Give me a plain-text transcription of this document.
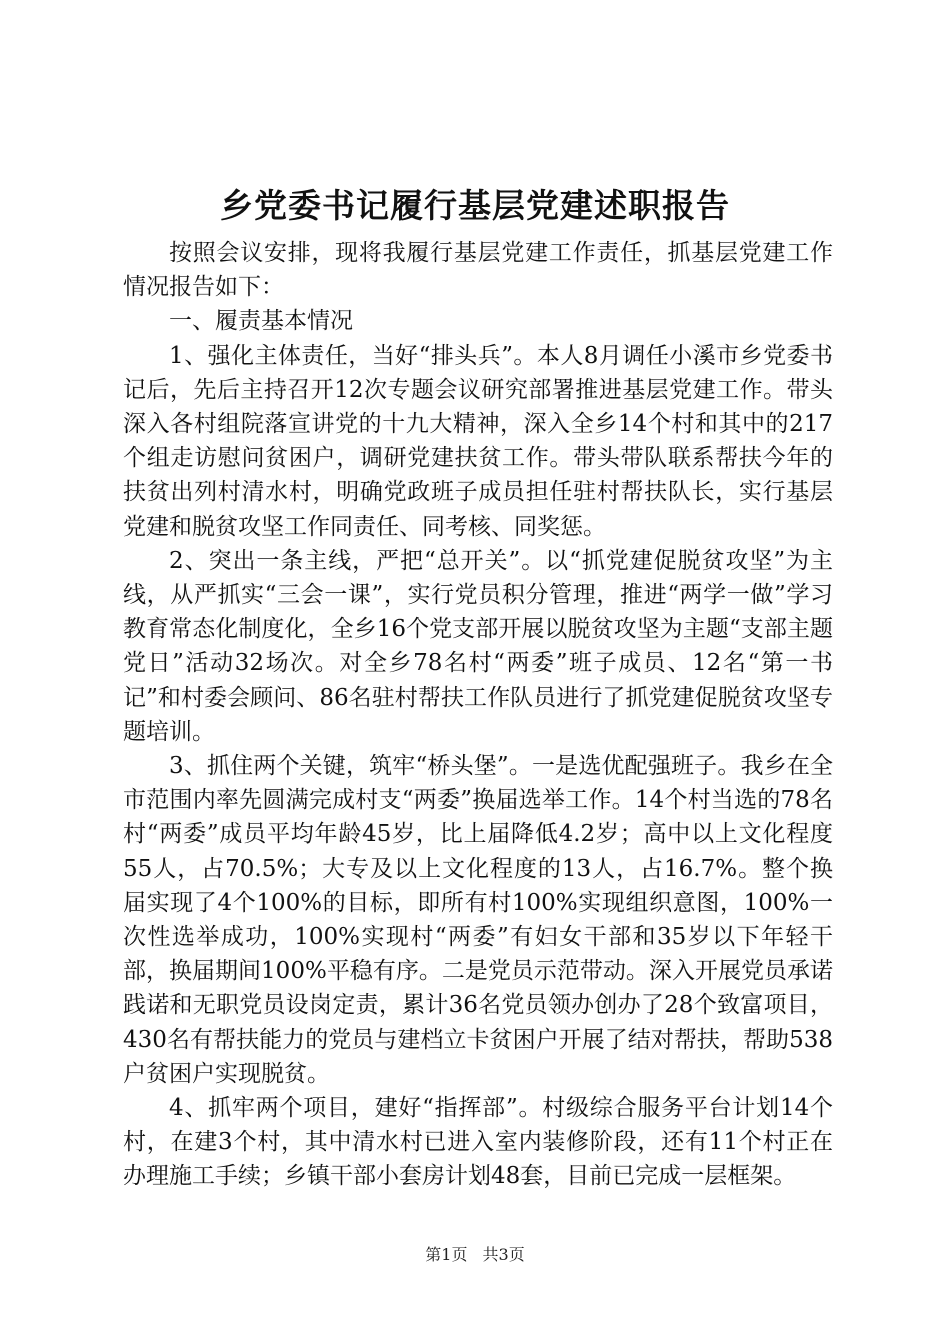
乡党委书记履行基层党建述职报告

按照会议安排，现将我履行基层党建工作责任，抓基层党建工作情况报告如下：

一、履责基本情况

1、强化主体责任，当好“排头兵”。本人8月调任小溪市乡党委书记后，先后主持召开12次专题会议研究部署推进基层党建工作。带头深入各村组院落宣讲党的十九大精神，深入全乡14个村和其中的217个组走访慰问贫困户，调研党建扶贫工作。带头带队联系帮扶今年的扶贫出列村清水村，明确党政班子成员担任驻村帮扶队长，实行基层党建和脱贫攻坚工作同责任、同考核、同奖惩。

2、突出一条主线，严把“总开关”。以“抓党建促脱贫攻坚”为主线，从严抓实“三会一课”，实行党员积分管理，推进“两学一做”学习教育常态化制度化，全乡16个党支部开展以脱贫攻坚为主题“支部主题党日”活动32场次。对全乡78名村“两委”班子成员、12名“第一书记”和村委会顾问、86名驻村帮扶工作队员进行了抓党建促脱贫攻坚专题培训。

3、抓住两个关键，筑牢“桥头堡”。一是选优配强班子。我乡在全市范围内率先圆满完成村支“两委”换届选举工作。14个村当选的78名村“两委”成员平均年龄45岁，比上届降低4.2岁；高中以上文化程度55人，占70.5%；大专及以上文化程度的13人，占16.7%。整个换届实现了4个100%的目标，即所有村100%实现组织意图，100%一次性选举成功，100%实现村“两委”有妇女干部和35岁以下年轻干部，换届期间100%平稳有序。二是党员示范带动。深入开展党员承诺践诺和无职党员设岗定责，累计36名党员领办创办了28个致富项目，430名有帮扶能力的党员与建档立卡贫困户开展了结对帮扶，帮助538户贫困户实现脱贫。

4、抓牢两个项目，建好“指挥部”。村级综合服务平台计划14个村，在建3个村，其中清水村已进入室内装修阶段，还有11个村正在办理施工手续；乡镇干部小套房计划48套，目前已完成一层框架。

第1页 共3页
